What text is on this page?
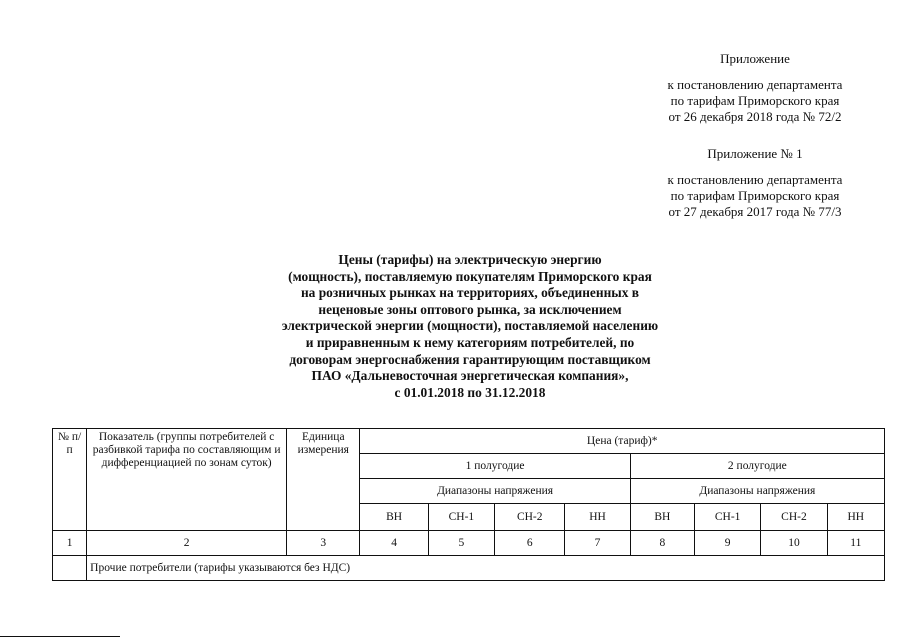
Приложение
к постановлению департамента
по тарифам Приморского края
от 26 декабря 2018 года № 72/2
Приложение № 1
к постановлению департамента
по тарифам Приморского края
от 27 декабря 2017 года № 77/3
Цены (тарифы) на электрическую энергию
(мощность), поставляемую покупателям Приморского края
на розничных рынках на территориях, объединенных в
неценовые зоны оптового рынка, за исключением
электрической энергии (мощности), поставляемой населению
и приравненным к нему категориям потребителей, по
договорам энергоснабжения гарантирующим поставщиком
ПАО «Дальневосточная энергетическая компания»,
с 01.01.2018 по 31.12.2018
№ п/п	Показатель (группы потребителей с разбивкой тарифа по составляющим и дифференциацией по зонам суток)	Единица измерения	Цена (тариф)*							
			1 полугодие				2 полугодие			
			Диапазоны напряжения				Диапазоны напряжения			
			ВН	СН-1	СН-2	НН	ВН	СН-1	СН-2	НН
1	2	3	4	5	6	7	8	9	10	11
	Прочие потребители (тарифы указываются без НДС)									
